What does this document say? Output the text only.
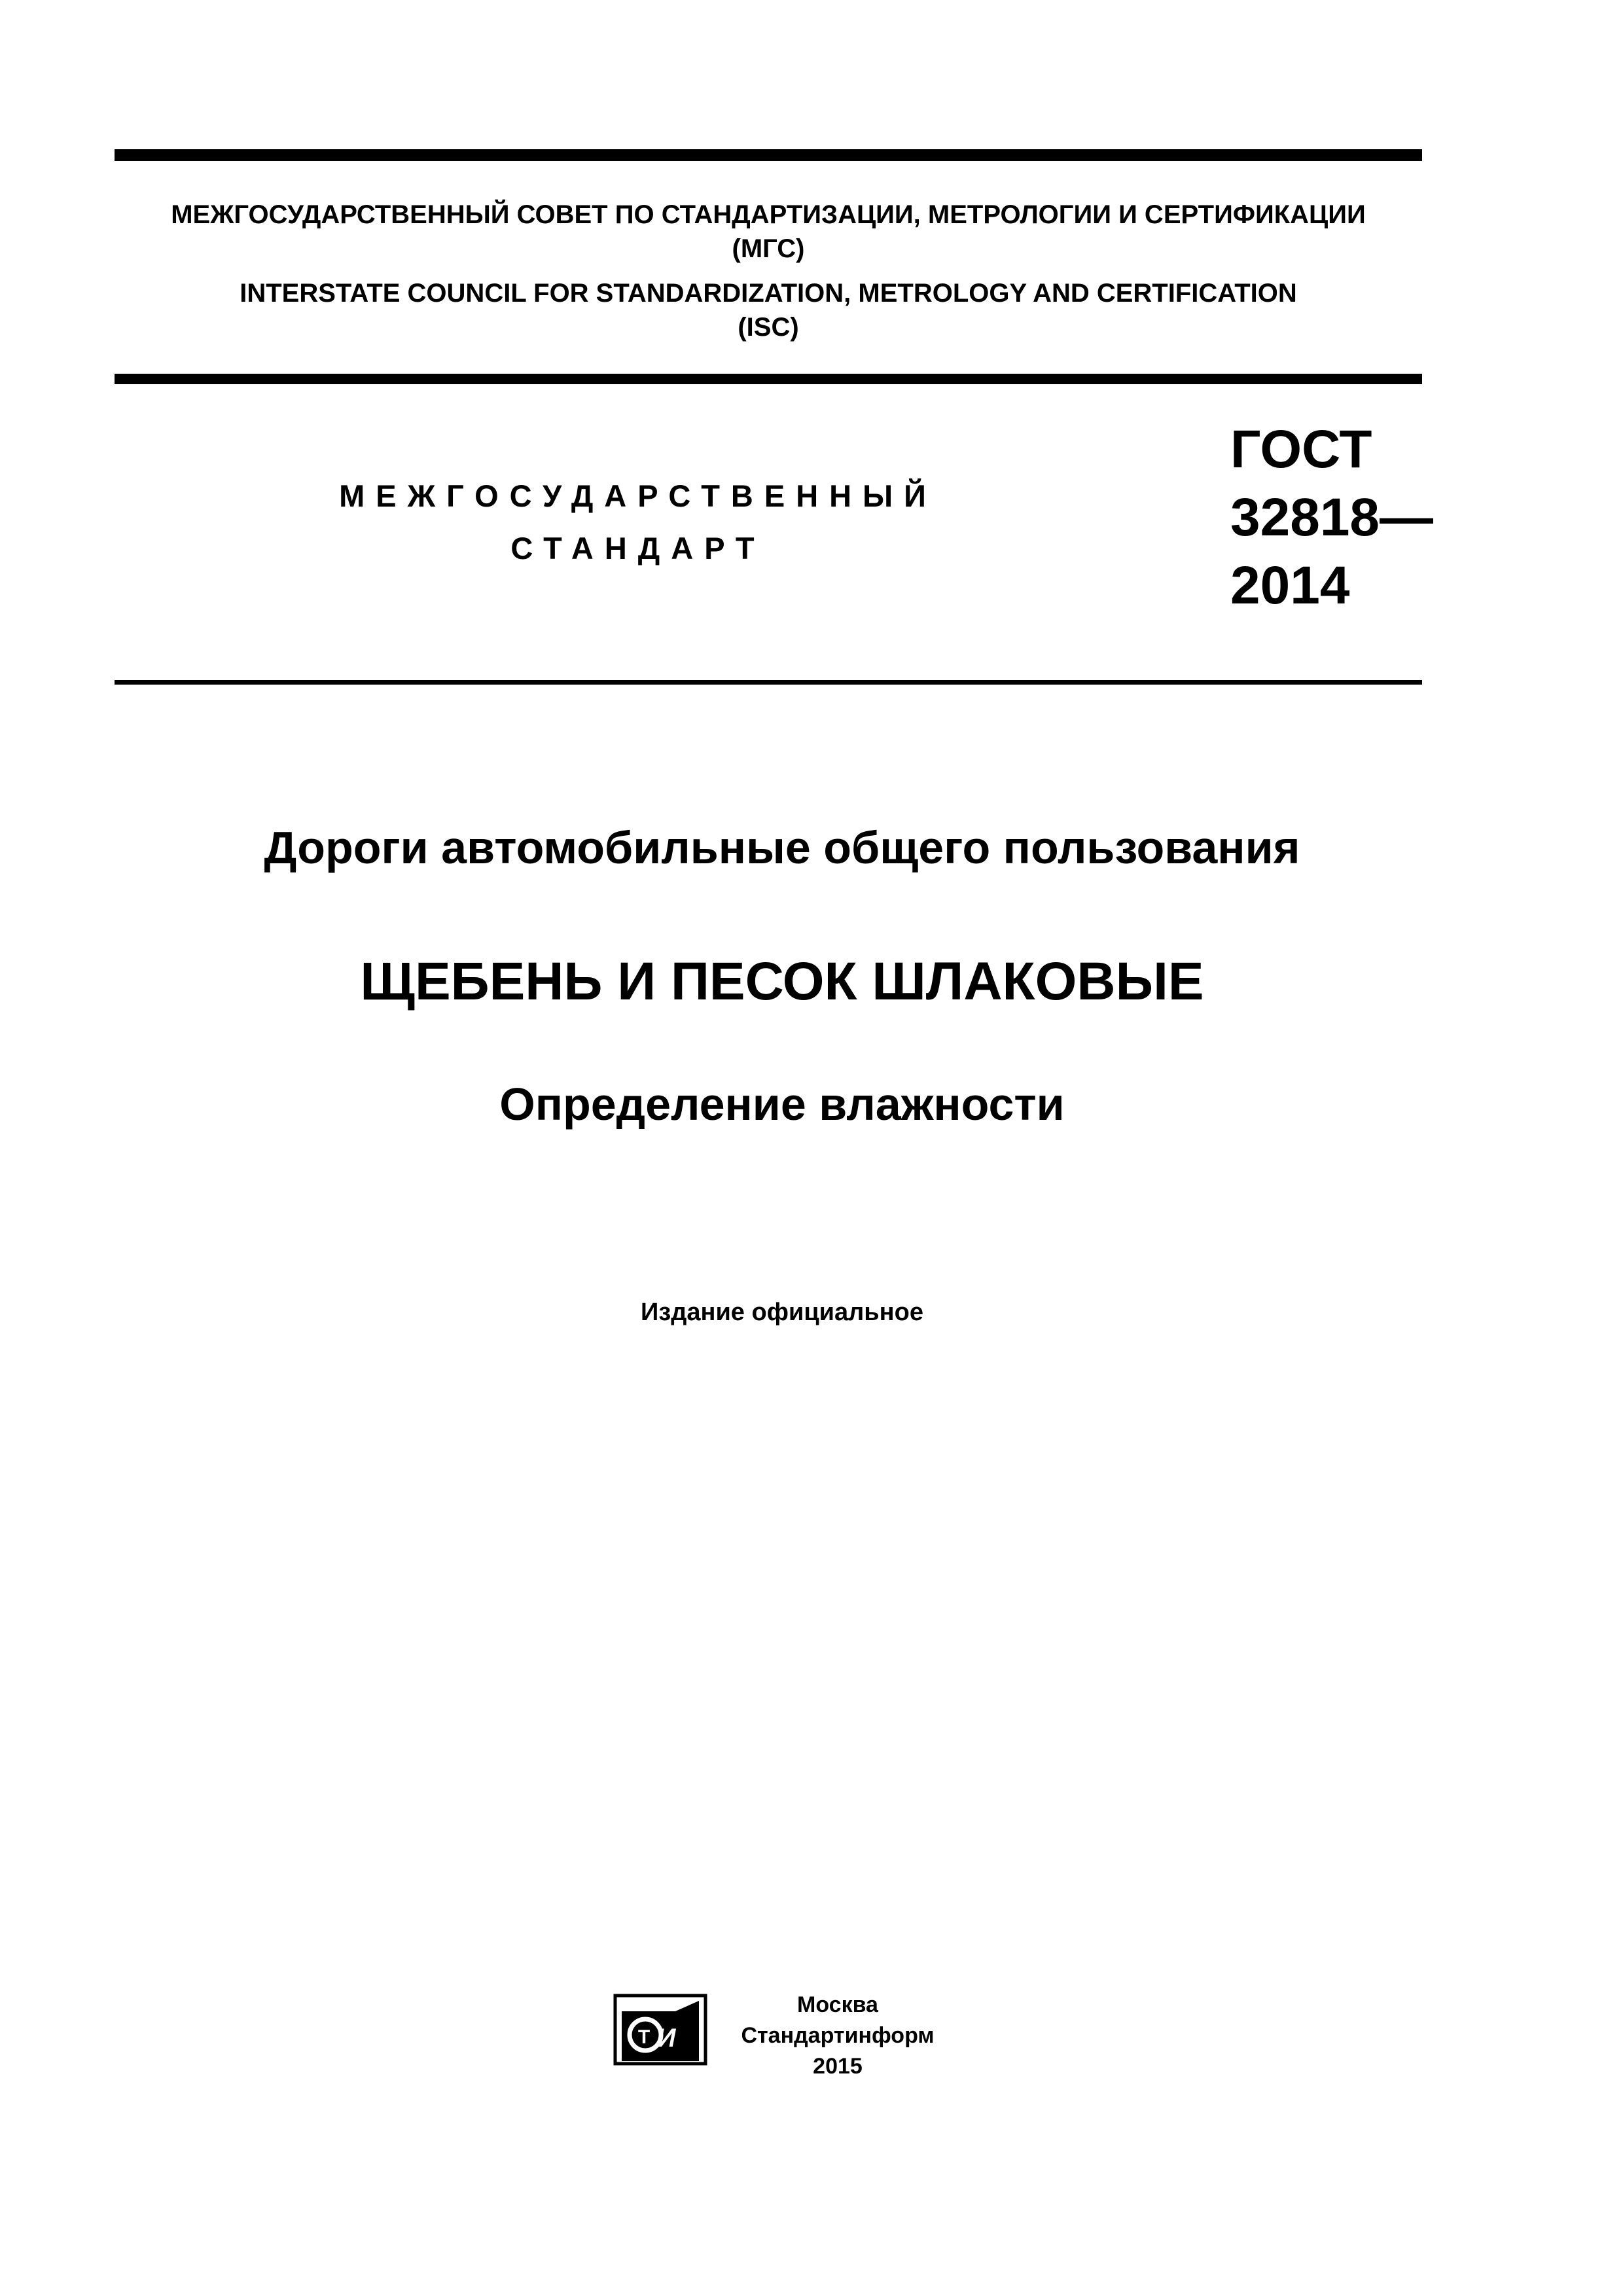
МЕЖГОСУДАРСТВЕННЫЙ СОВЕТ ПО СТАНДАРТИЗАЦИИ, МЕТРОЛОГИИ И СЕРТИФИКАЦИИ
(МГС)
INTERSTATE COUNCIL FOR STANDARDIZATION, METROLOGY AND CERTIFICATION
(ISC)
МЕЖГОСУДАРСТВЕННЫЙ
СТАНДАРТ
ГОСТ
32818—
2014
Дороги автомобильные общего пользования
ЩЕБЕНЬ И ПЕСОК ШЛАКОВЫЕ
Определение влажности
Издание официальное
И
Т
Москва
Стандартинформ
2015
